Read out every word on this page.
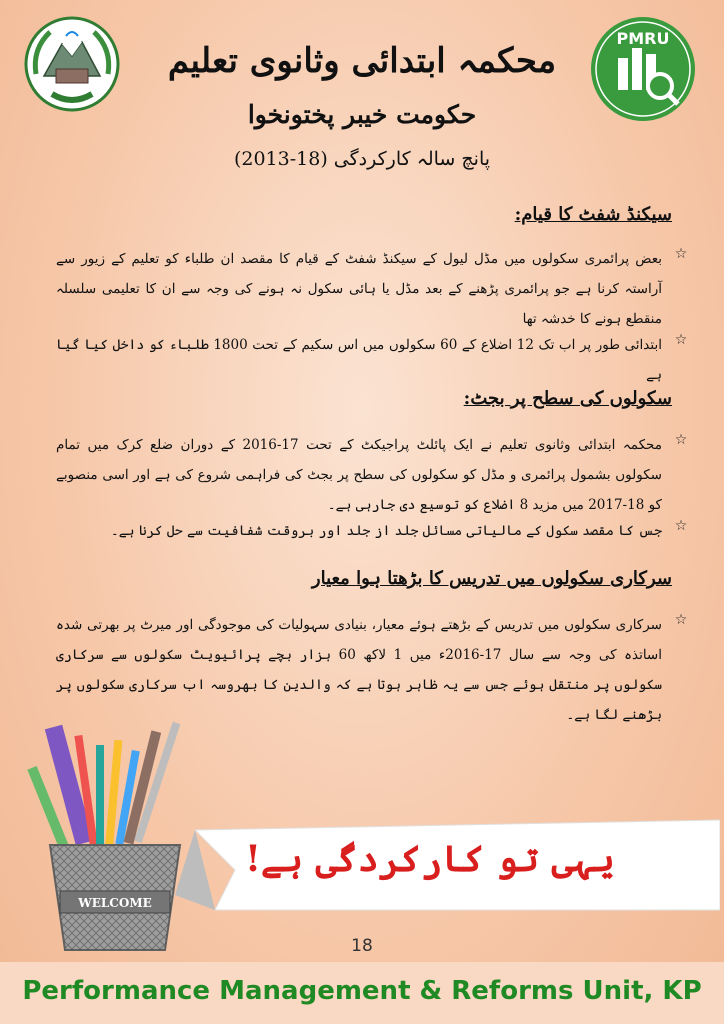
PMRU
محکمہ ابتدائی وثانوی تعلیم
حکومت خیبر پختونخوا
پانچ سالہ کارکردگی (18-2013)
سیکنڈ شفٹ کا قیام:
☆
بعض پرائمری سکولوں میں مڈل لیول کے سیکنڈ شفٹ کے قیام کا مقصد ان طلباء کو تعلیم کے زیور سے آراستہ کرنا ہے جو پرائمری پڑھنے کے بعد مڈل یا ہائی سکول نہ ہونے کی وجہ سے ان کا تعلیمی سلسلہ منقطع ہونے کا خدشہ تھا
☆
ابتدائی طور پر اب تک 12 اضلاع کے 60 سکولوں میں اس سکیم کے تحت 1800 طلباء کو داخل کیا گیا ہے
سکولوں کی سطح پر بجٹ:
☆
محکمہ ابتدائی وثانوی تعلیم نے ایک پائلٹ پراجیکٹ کے تحت 17-2016 کے دوران ضلع کرک میں تمام سکولوں بشمول پرائمری و مڈل کو سکولوں کی سطح پر بجٹ کی فراہمی شروع کی ہے اور اسی منصوبے کو 18-2017 میں مزید 8 اضلاع کو توسیع دی جارہی ہے۔
☆
جس کا مقصد سکول کے مالیاتی مسائل جلد از جلد اور بروقت شفافیت سے حل کرنا ہے۔
سرکاری سکولوں میں تدریس کا بڑھتا ہوا معیار
☆
سرکاری سکولوں میں تدریس کے بڑھتے ہوئے معیار، بنیادی سہولیات کی موجودگی اور میرٹ پر بھرتی شدہ اساتذہ کی وجہ سے سال 17-2016ء میں 1 لاکھ 60 ہزار بچے پرائیویٹ سکولوں سے سرکاری سکولوں پر منتقل ہوئے جس سے یہ ظاہر ہوتا ہے کہ والدین کا بھروسہ اب سرکاری سکولوں پر بڑھنے لگا ہے۔
WELCOME
یہی تو کارکردگی ہے!
18
Performance Management & Reforms Unit, KP
